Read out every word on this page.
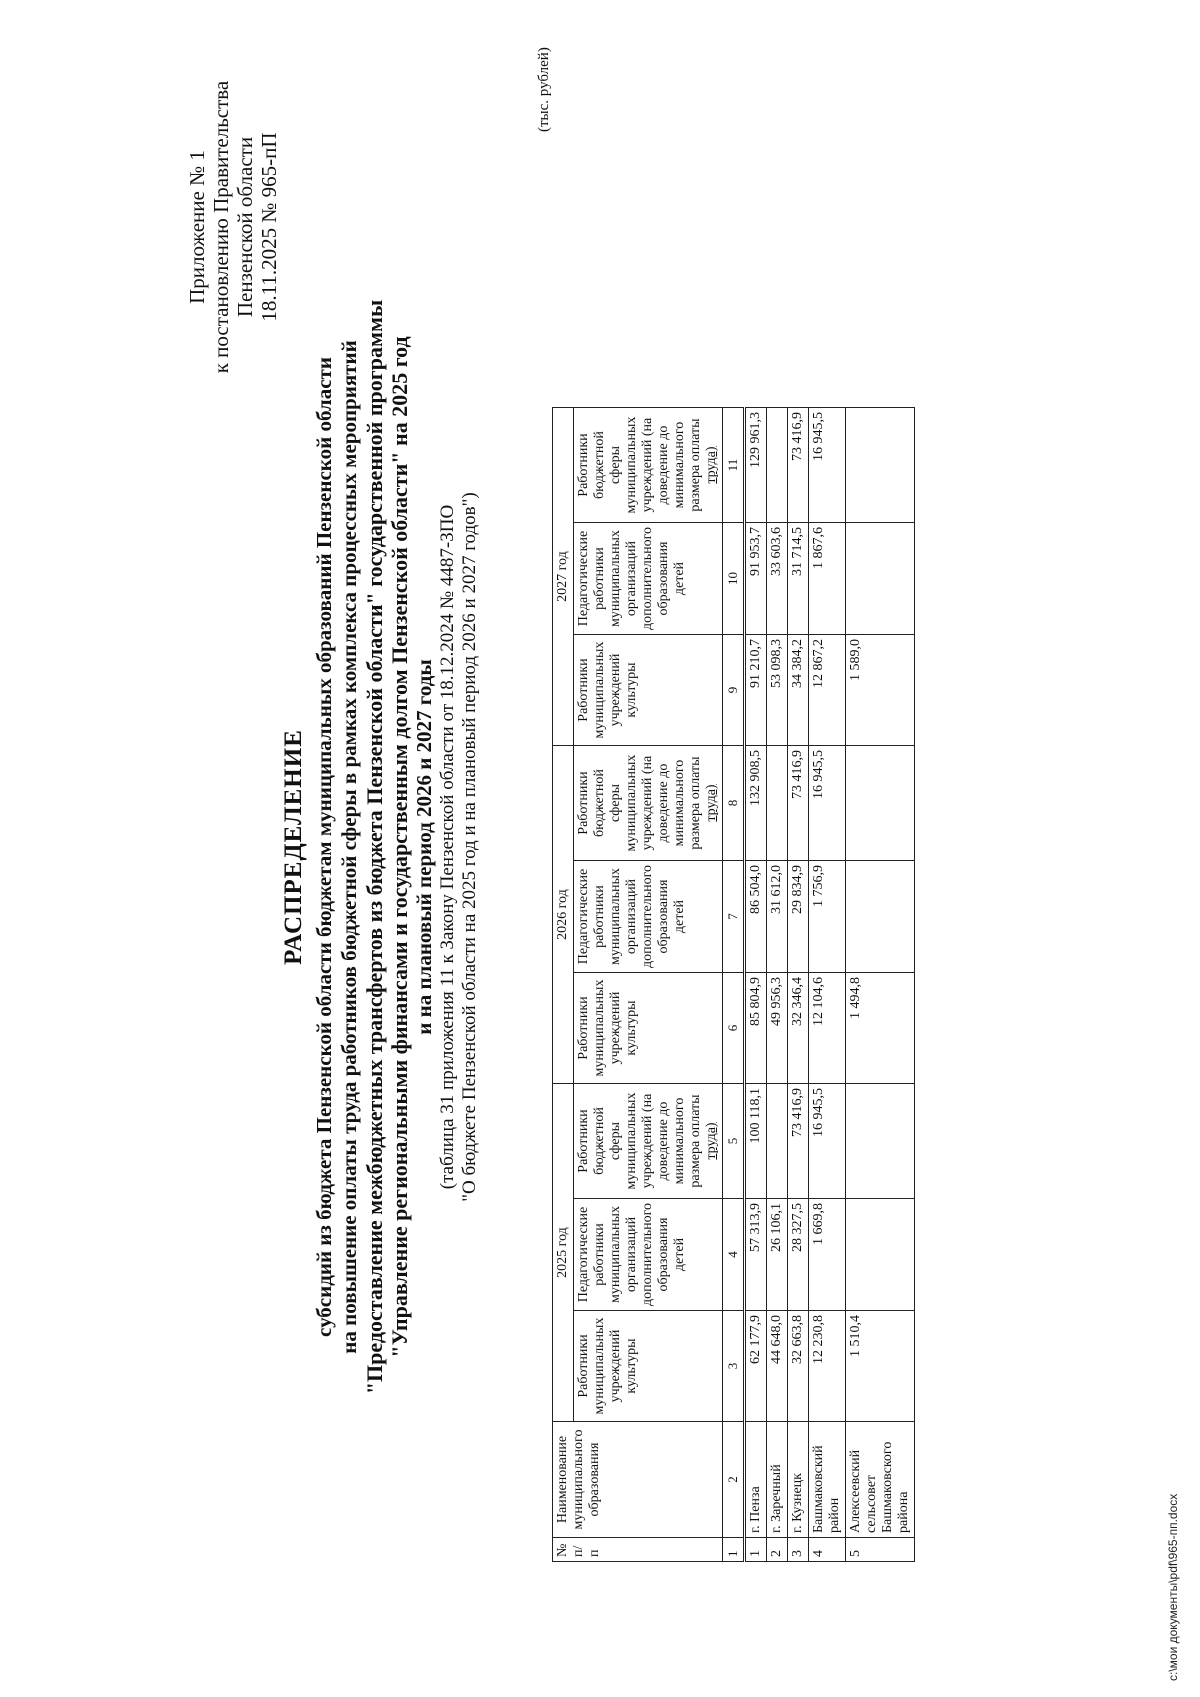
Приложение № 1 к постановлению Правительства Пензенской области 18.11.2025 № 965-пП
РАСПРЕДЕЛЕНИЕ субсидий из бюджета Пензенской области бюджетам муниципальных образований Пензенской области на повышение оплаты труда работников бюджетной сферы в рамках комплекса процессных мероприятий "Предоставление межбюджетных трансфертов из бюджета Пензенской области" государственной программы "Управление региональными финансами и государственным долгом Пензенской области" на 2025 год и на плановый период 2026 и 2027 годы (таблица 31 приложения 11 к Закону Пензенской области от 18.12.2024 № 4487-ЗПО "О бюджете Пензенской области на 2025 год и на плановый период 2026 и 2027 годов")
(тыс. рублей)
№ п/п	Наименование муниципального образования	2025 год			2026 год			2027 год		
		Работники муниципальных учреждений культуры	Педагогические работники муниципальных организаций дополнительного образования детей	Работники бюджетной сферы муниципальных учреждений (на доведение до минимального размера оплаты труда)	Работники муниципальных учреждений культуры	Педагогические работники муниципальных организаций дополнительного образования детей	Работники бюджетной сферы муниципальных учреждений (на доведение до минимального размера оплаты труда)	Работники муниципальных учреждений культуры	Педагогические работники муниципальных организаций дополнительного образования детей	Работники бюджетной сферы муниципальных учреждений (на доведение до минимального размера оплаты труда)
1	2	3	4	5	6	7	8	9	10	11
1	г. Пенза	62 177,9	57 313,9	100 118,1	85 804,9	86 504,0	132 908,5	91 210,7	91 953,7	129 961,3
2	г. Заречный	44 648,0	26 106,1		49 956,3	31 612,0		53 098,3	33 603,6	
3	г. Кузнецк	32 663,8	28 327,5	73 416,9	32 346,4	29 834,9	73 416,9	34 384,2	31 714,5	73 416,9
4	Башмаковский район	12 230,8	1 669,8	16 945,5	12 104,6	1 756,9	16 945,5	12 867,2	1 867,6	16 945,5
5	Алексеевский сельсовет Башмаковского района	1 510,4			1 494,8			1 589,0		
c:\мои документы\pdf\965-пп.docx
